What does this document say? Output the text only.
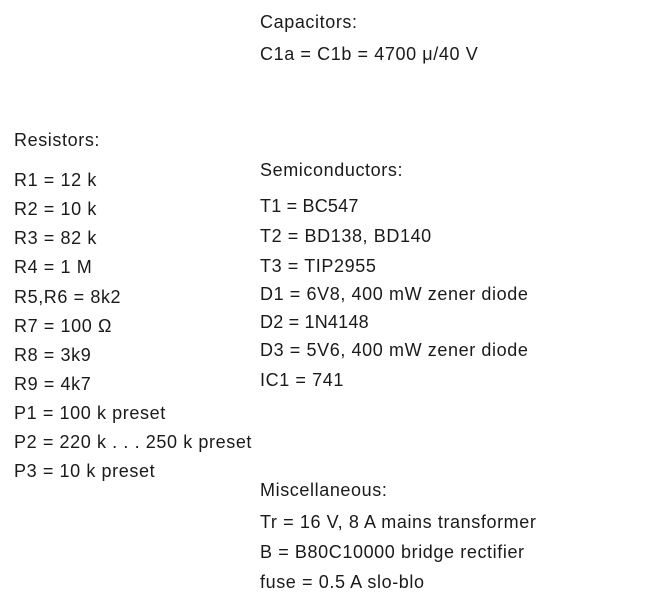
Capacitors:
C1a = C1b = 4700 μ/40 V
Resistors:
R1 = 12 k
R2 = 10 k
R3 = 82 k
R4 = 1 M
R5,R6 = 8k2
R7 = 100 Ω
R8 = 3k9
R9 = 4k7
P1 = 100 k preset
P2 = 220 k . . . 250 k preset
P3 = 10 k preset
Semiconductors:
T1 = BC547
T2 = BD138, BD140
T3 = TIP2955
D1 = 6V8, 400 mW zener diode
D2 = 1N4148
D3 = 5V6, 400 mW zener diode
IC1 = 741
Miscellaneous:
Tr = 16 V, 8 A mains transformer
B = B80C10000 bridge rectifier
fuse = 0.5 A slo-blo
